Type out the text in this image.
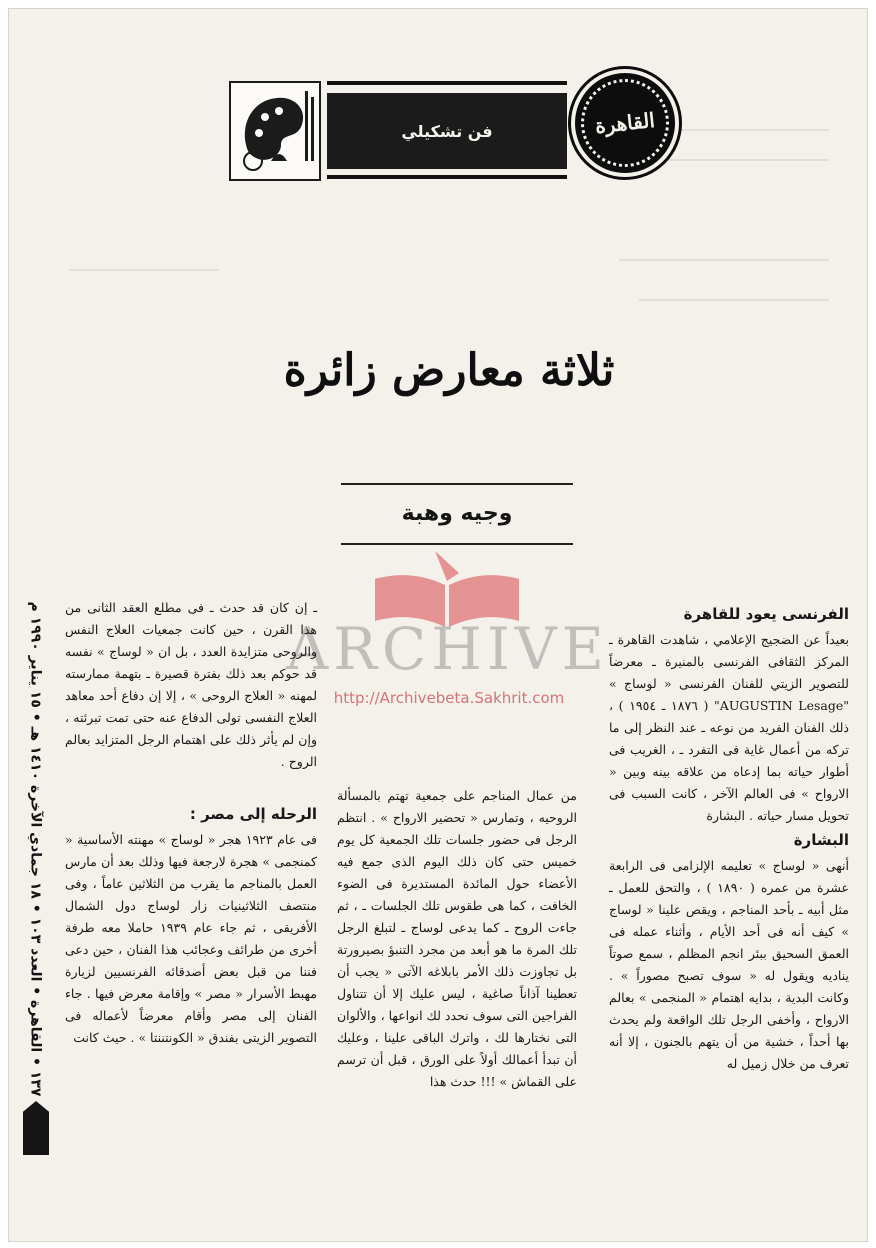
القاهرة
فن تشكيلي
ثلاثة معارض زائرة
وجيه وهبة
ARCHIVE
http://Archivebeta.Sakhrit.com
الفرنسى يعود للقاهرة

بعيداً عن الضجيج الإعلامي ، شاهدت القاهرة ـ المركز الثقافى الفرنسى بالمنيرة ـ معرضاً للتصوير الزيتي للفنان الفرنسى « لوساج » "AUGUSTIN Lesage" ( ١٨٧٦ ـ ١٩٥٤ ) ، ذلك الفنان الفريد من نوعه ـ عند النظر إلى ما تركه من أعمال غاية فى التفرد ـ ، الغريب فى أطوار حياته بما إدعاه من علاقه بينه وبين « الارواح » فى العالم الآخر ، كانت السبب فى تحويل مسار حياته . البشارة

البشارة

أنهى « لوساج » تعليمه الإلزامى فى الرابعة عشرة من عمره ( ١٨٩٠ ) ، والتحق للعمل ـ مثل أبيه ـ بأحد المناجم ، ويقص علينا « لوساج » كيف أنه فى أحد الأيام ، وأثناء عمله فى العمق السحيق ببئر انجم المظلم ، سمع صوتاً يناديه ويقول له « سوف تصبح مصوراً » . وكانت البدية ، بدايه اهتمام « المنجمى » بعالم الارواح ، وأخفى الرجل تلك الواقعة ولم يحدث بها أحداً ، خشية من أن يتهم بالجنون ، إلا أنه تعرف من خلال زميل له

من عمال المناجم على جمعية تهتم بالمسألة الروحيه ، وتمارس « تحضير الارواح » . انتظم الرجل فى حضور جلسات تلك الجمعية كل يوم خميس حتى كان ذلك اليوم الذى جمع فيه الأعضاء حول المائدة المستديرة فى الضوء الخافت ، كما هى طقوس تلك الجلسات ـ ، ثم جاءت الروح ـ كما يدعى لوساج ـ لتبلغ الرجل تلك المرة ما هو أبعد من مجرد التنبؤ بصيرورتة بل تجاوزت ذلك الأمر بابلاغه الآتى « يجب أن تعطينا آذاناً صاغية ، ليس عليك إلا أن تتناول الفراجين التى سوف نحدد لك انواعها ، والألوان التى نختارها لك ، واترك الباقى علينا ، وعليك أن تبدأ أعمالك أولاً على الورق ، قبل أن ترسم على القماش » !!! حدث هذا

ـ إن كان قد حدث ـ فى مطلع العقد الثانى من هذا القرن ، حين كانت جمعيات العلاج النفس والروحى متزايدة العدد ، بل ان « لوساج » نفسه قد حوكم بعد ذلك بفترة قصيرة ـ بتهمة ممارسته لمهنه « العلاج الروحى » ، إلا إن دفاع أحد معاهد العلاج النفسى تولى الدفاع عنه حتى تمت تبرئته ، وإن لم يأثر ذلك على اهتمام الرجل المتزايد بعالم الروح .

الرحله إلى مصر :

فى عام ١٩٢٣ هجر « لوساج » مهنته الأساسية « كمنجمى » هجرة لارجعة فيها وذلك بعد أن مارس العمل بالمناجم ما يقرب من الثلاثين عاماً ، وفى منتصف الثلاثينيات زار لوساج دول الشمال الأفريقى ، ثم جاء عام ١٩٣٩ حاملا معه طرفة أخرى من طرائف وعجائب هذا الفنان ، حين دعى فننا من قبل بعض أصدقائه الفرنسيين لزيارة مهبط الأسرار « مصر » وإقامة معرض فيها . جاء الفنان إلى مصر وأقام معرضاً لأعماله فى التصوير الزيتى بفندق « الكونتننتا » . حيث كانت

١٣٧ • القاهرة • العدد ١٠٣ • ١٨ جمادي الآخرة ١٤١٠ هـ • ١٥ يناير ١٩٩٠ م
